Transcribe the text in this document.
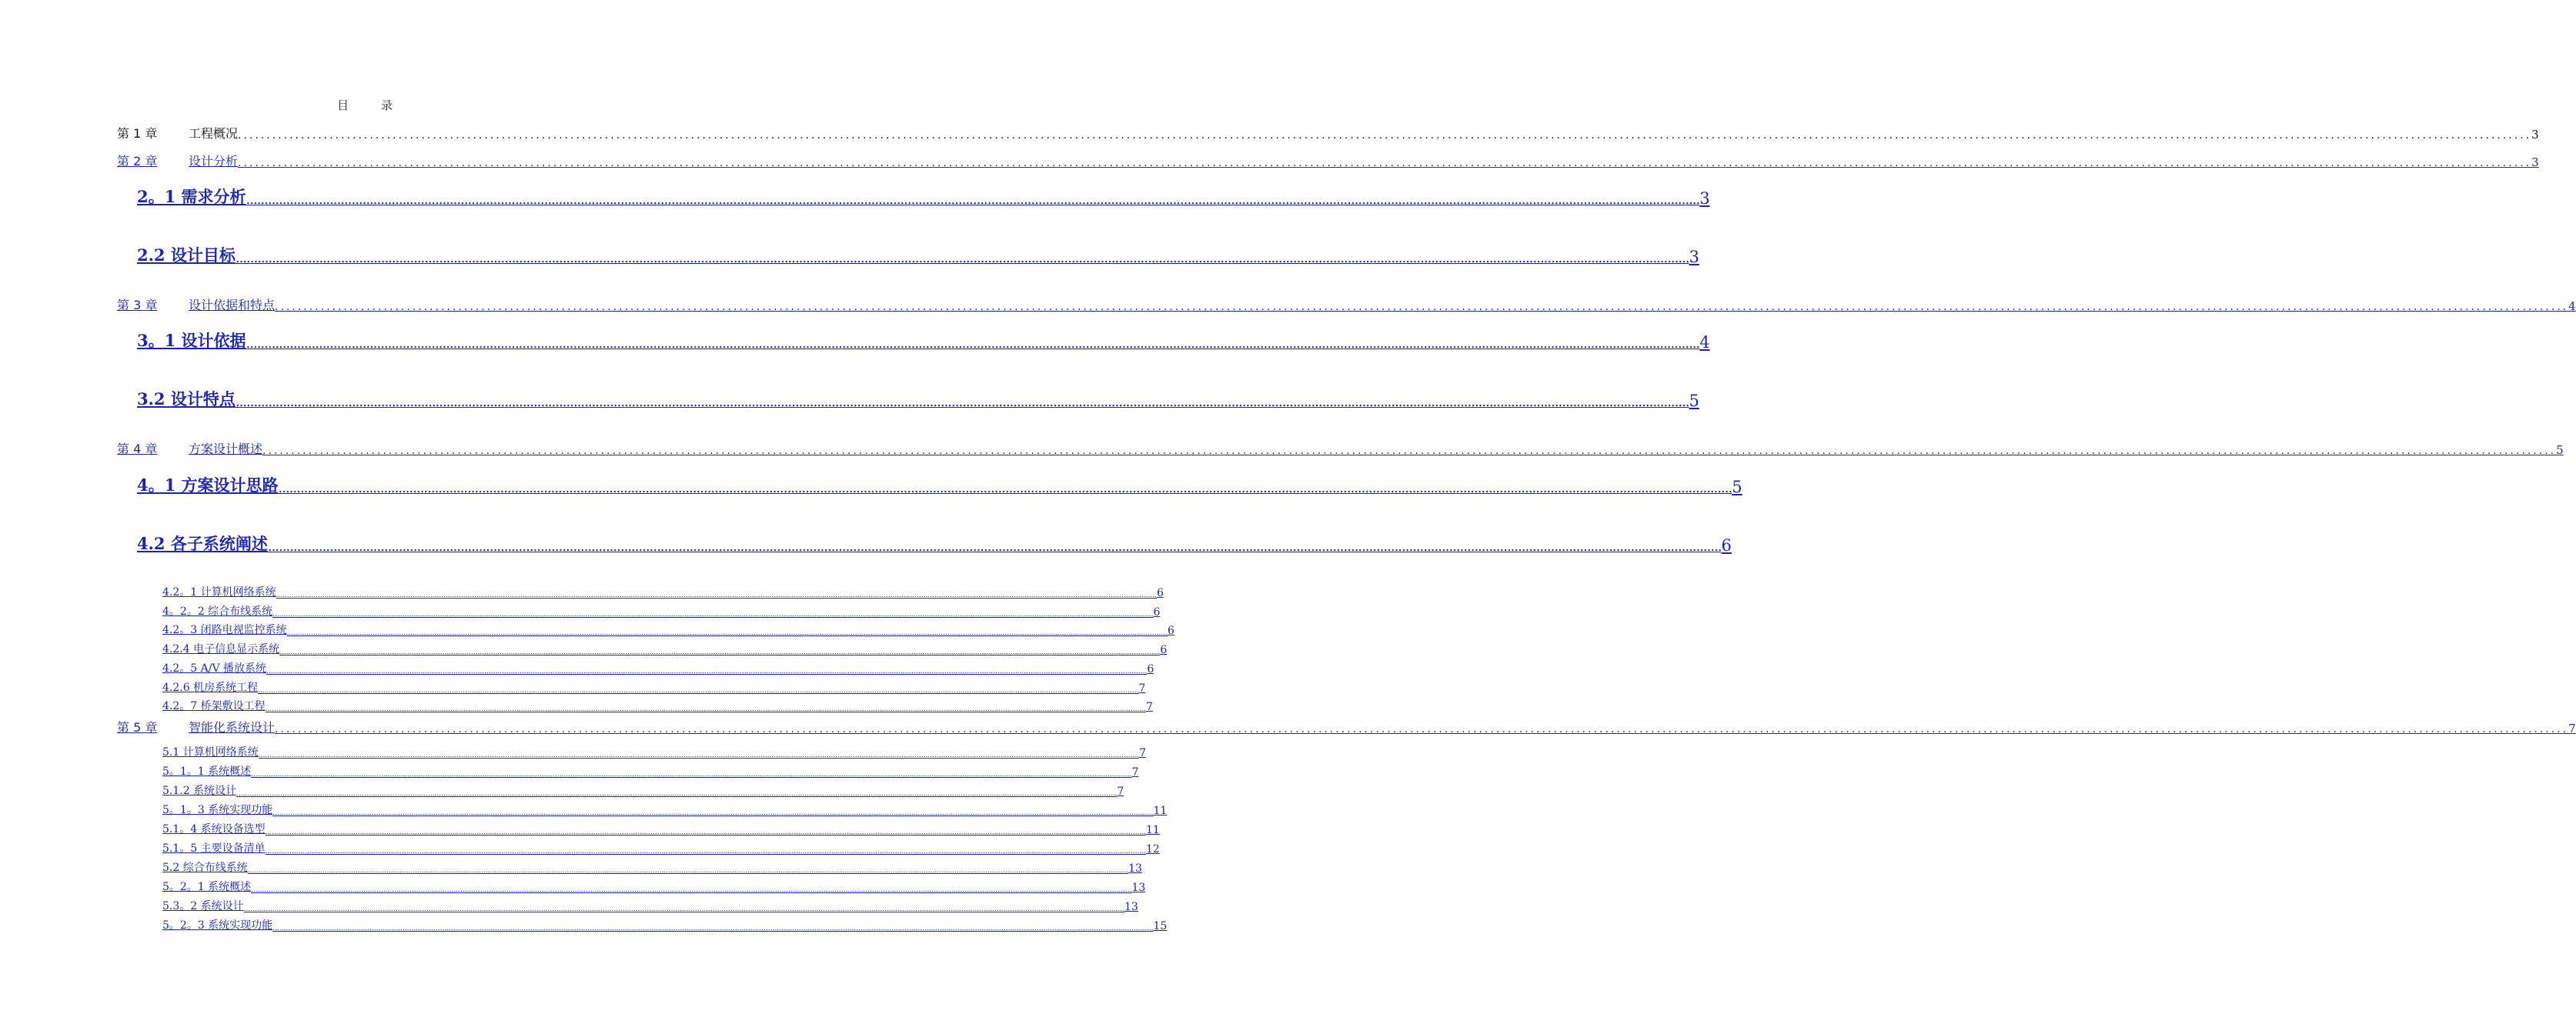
目	录
第 1 章	工程概况 ................................................................................................................................................................................................................................................................................................................................................................................................................ 3
第 2 章	设计分析 ................................................................................................................................................................................................................................................................................................................................................................................................................ 3
2。1 需求分析 ................................................................................................................................................................................................................................................................................................................................................................................................................ 3
2.2 设计目标 ................................................................................................................................................................................................................................................................................................................................................................................................................ 3
第 3 章	设计依据和特点 ................................................................................................................................................................................................................................................................................................................................................................................................................ 4
3。1 设计依据 ................................................................................................................................................................................................................................................................................................................................................................................................................ 4
3.2 设计特点 ................................................................................................................................................................................................................................................................................................................................................................................................................ 5
第 4 章	方案设计概述 ................................................................................................................................................................................................................................................................................................................................................................................................................ 5
4。1 方案设计思路 ................................................................................................................................................................................................................................................................................................................................................................................................................ 5
4.2 各子系统阐述 ................................................................................................................................................................................................................................................................................................................................................................................................................ 6
4.2。1 计算机网络系统 ................................................................................................................................................................................................................................................................................................................................................................................................................ 6
4。2。2 综合布线系统 ................................................................................................................................................................................................................................................................................................................................................................................................................ 6
4.2。3 闭路电视监控系统 ................................................................................................................................................................................................................................................................................................................................................................................................................ 6
4.2.4 电子信息显示系统 ................................................................................................................................................................................................................................................................................................................................................................................................................ 6
4.2。5 A/V 播放系统 ................................................................................................................................................................................................................................................................................................................................................................................................................ 6
4.2.6 机房系统工程 ................................................................................................................................................................................................................................................................................................................................................................................................................ 7
4.2。7 桥架敷设工程 ................................................................................................................................................................................................................................................................................................................................................................................................................ 7
第 5 章	智能化系统设计 ................................................................................................................................................................................................................................................................................................................................................................................................................ 7
5.1 计算机网络系统 ................................................................................................................................................................................................................................................................................................................................................................................................................ 7
5。1。1 系统概述 ................................................................................................................................................................................................................................................................................................................................................................................................................ 7
5.1.2 系统设计 ................................................................................................................................................................................................................................................................................................................................................................................................................ 7
5。1。3 系统实现功能 ................................................................................................................................................................................................................................................................................................................................................................................................................ 11
5.1。4 系统设备选型 ................................................................................................................................................................................................................................................................................................................................................................................................................ 11
5.1。5 主要设备清单 ................................................................................................................................................................................................................................................................................................................................................................................................................ 12
5.2 综合布线系统 ................................................................................................................................................................................................................................................................................................................................................................................................................ 13
5。2。1 系统概述 ................................................................................................................................................................................................................................................................................................................................................................................................................ 13
5.3。2 系统设计 ................................................................................................................................................................................................................................................................................................................................................................................................................ 13
5。2。3 系统实现功能 ................................................................................................................................................................................................................................................................................................................................................................................................................ 15
